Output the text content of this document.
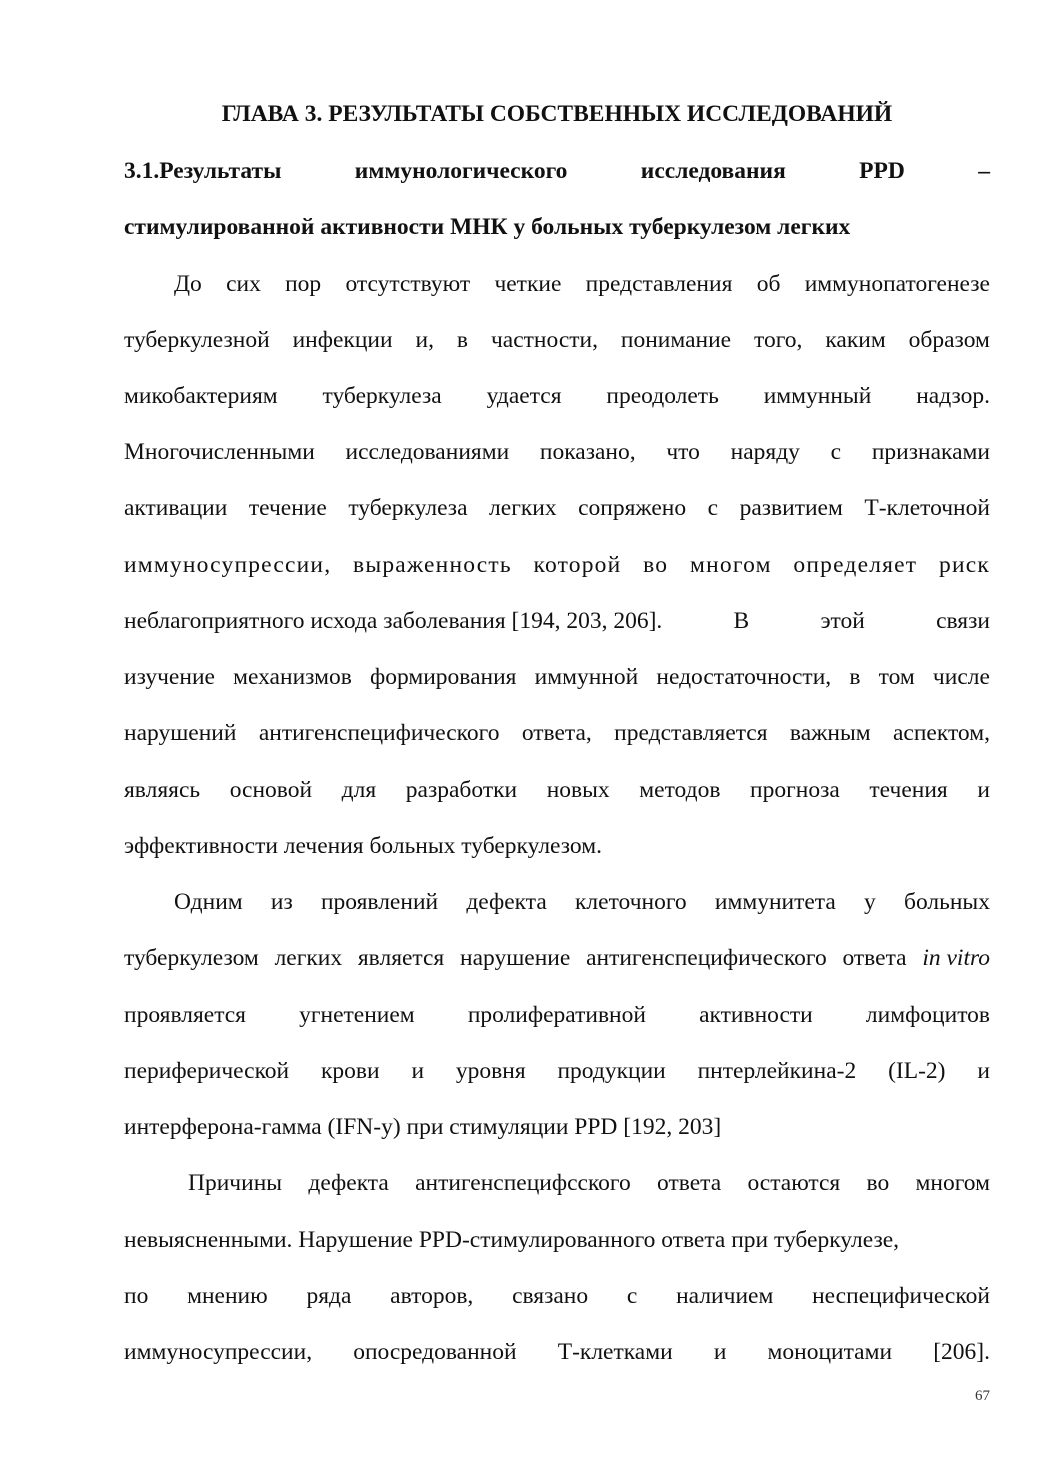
ГЛАВА 3. РЕЗУЛЬТАТЫ СОБСТВЕННЫХ ИССЛЕДОВАНИЙ
3.1.Результаты	иммунологического	исследования	PPD	–
стимулированной активности МНК у больных туберкулезом легких
До сих пор отсутствуют четкие представления об иммунопатогенезе
туберкулезной инфекции и, в частности, понимание того, каким образом
микобактериям туберкулеза удается преодолеть иммунный надзор.
Многочисленными исследованиями показано, что наряду с признаками
активации течение туберкулеза легких сопряжено с развитием Т-клеточной
иммуносупрессии, выраженность которой во многом определяет риск
неблагоприятного исхода заболевания [194, 203, 206].	В	этой	связи
изучение механизмов формирования иммунной недостаточности, в том числе
нарушений антигенспецифического ответа, представляется важным аспектом,
являясь основой для разработки новых методов прогноза течения и
эффективности лечения больных туберкулезом.
Одним из проявлений дефекта клеточного иммунитета у больных
туберкулезом легких является нарушение антигенспецифического ответа in vitro
проявляется угнетением пролиферативной активности лимфоцитов
периферической крови и уровня продукции пнтерлейкина-2 (IL-2) и
интерферона-гамма (IFN-y) при стимуляции PPD [192, 203]
Причины дефекта антигенспецифсского ответа остаются во многом
невыясненными. Нарушение PPD-стимулированного ответа при туберкулезе,
по мнению ряда авторов, связано с наличием неспецифической
иммуносупрессии, опосредованной Т-клетками и моноцитами [206].
67
